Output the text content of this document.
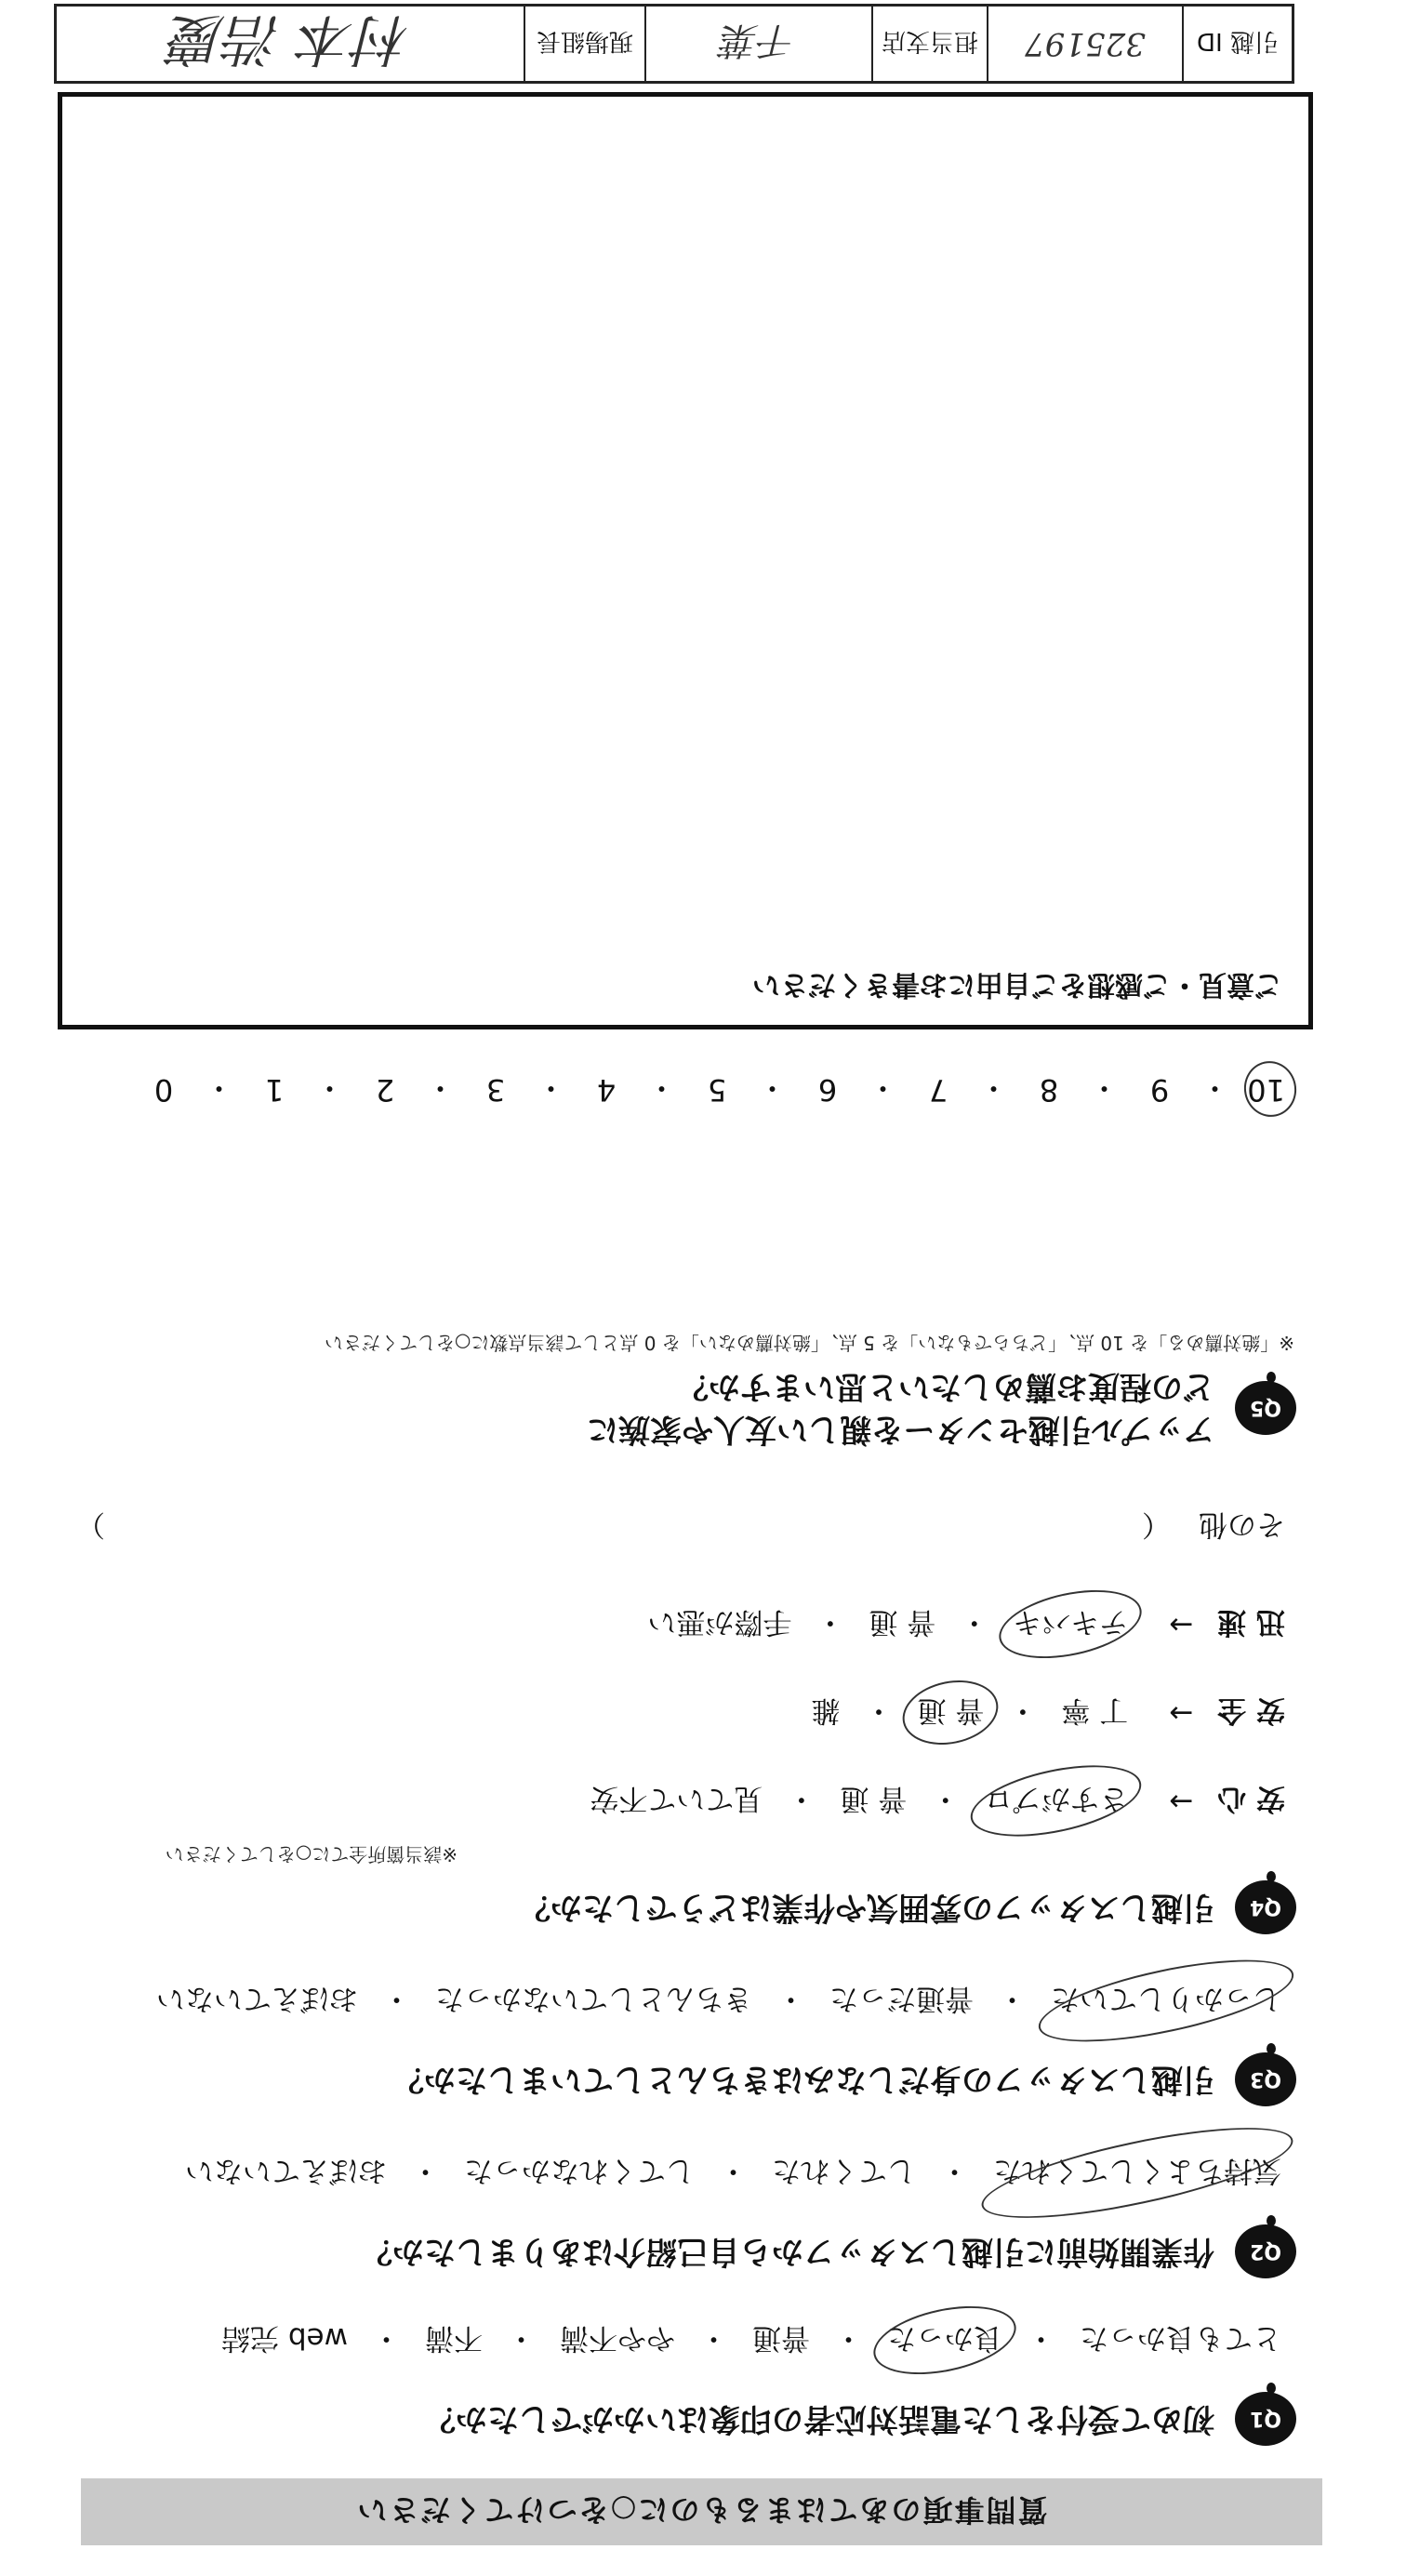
引越 ID
325197
担当支店
千葉
現場組長
村本 浩慶
質問事項のあてはまるものに○をつけてください
Q1
初めて受付をした電話対応者の印象はいかがでしたか？
とても良かった
・
良かった
・
普通
・
やや不満
・
不満
・
web 完結
Q2
作業開始前に引越しスタッフから自己紹介はありましたか？
気持ちよくしてくれた
・
してくれた
・
してくれなかった
・
おぼえていない
Q3
引越しスタッフの身だしなみはきちんとしていましたか？
しっかりしていた
・
普通だった
・
きちんとしていなかった
・
おぼえていない
Q4
引越しスタッフの雰囲気や作業はどうでしたか？
※該当箇所全てに○をしてください
安 心
→
さすがプロ
・
普 通
・
見ていて不安
安 全
→
丁 寧
・
普 通
・
雑
迅 速
→
テキパキ
・
普 通
・
手際が悪い
その他
（
）
Q5
アップル引越センターを親しい友人や家族に
どの程度お薦めしたいと思いますか？
※「絶対薦める」を 10 点、「どちらでもない」を 5 点、「絶対薦めない」を 0 点として該当点数に○をしてください
10
・
9
・
8
・
7
・
6
・
5
・
4
・
3
・
2
・
1
・
0
ご意見・ご感想をご自由にお書きください
